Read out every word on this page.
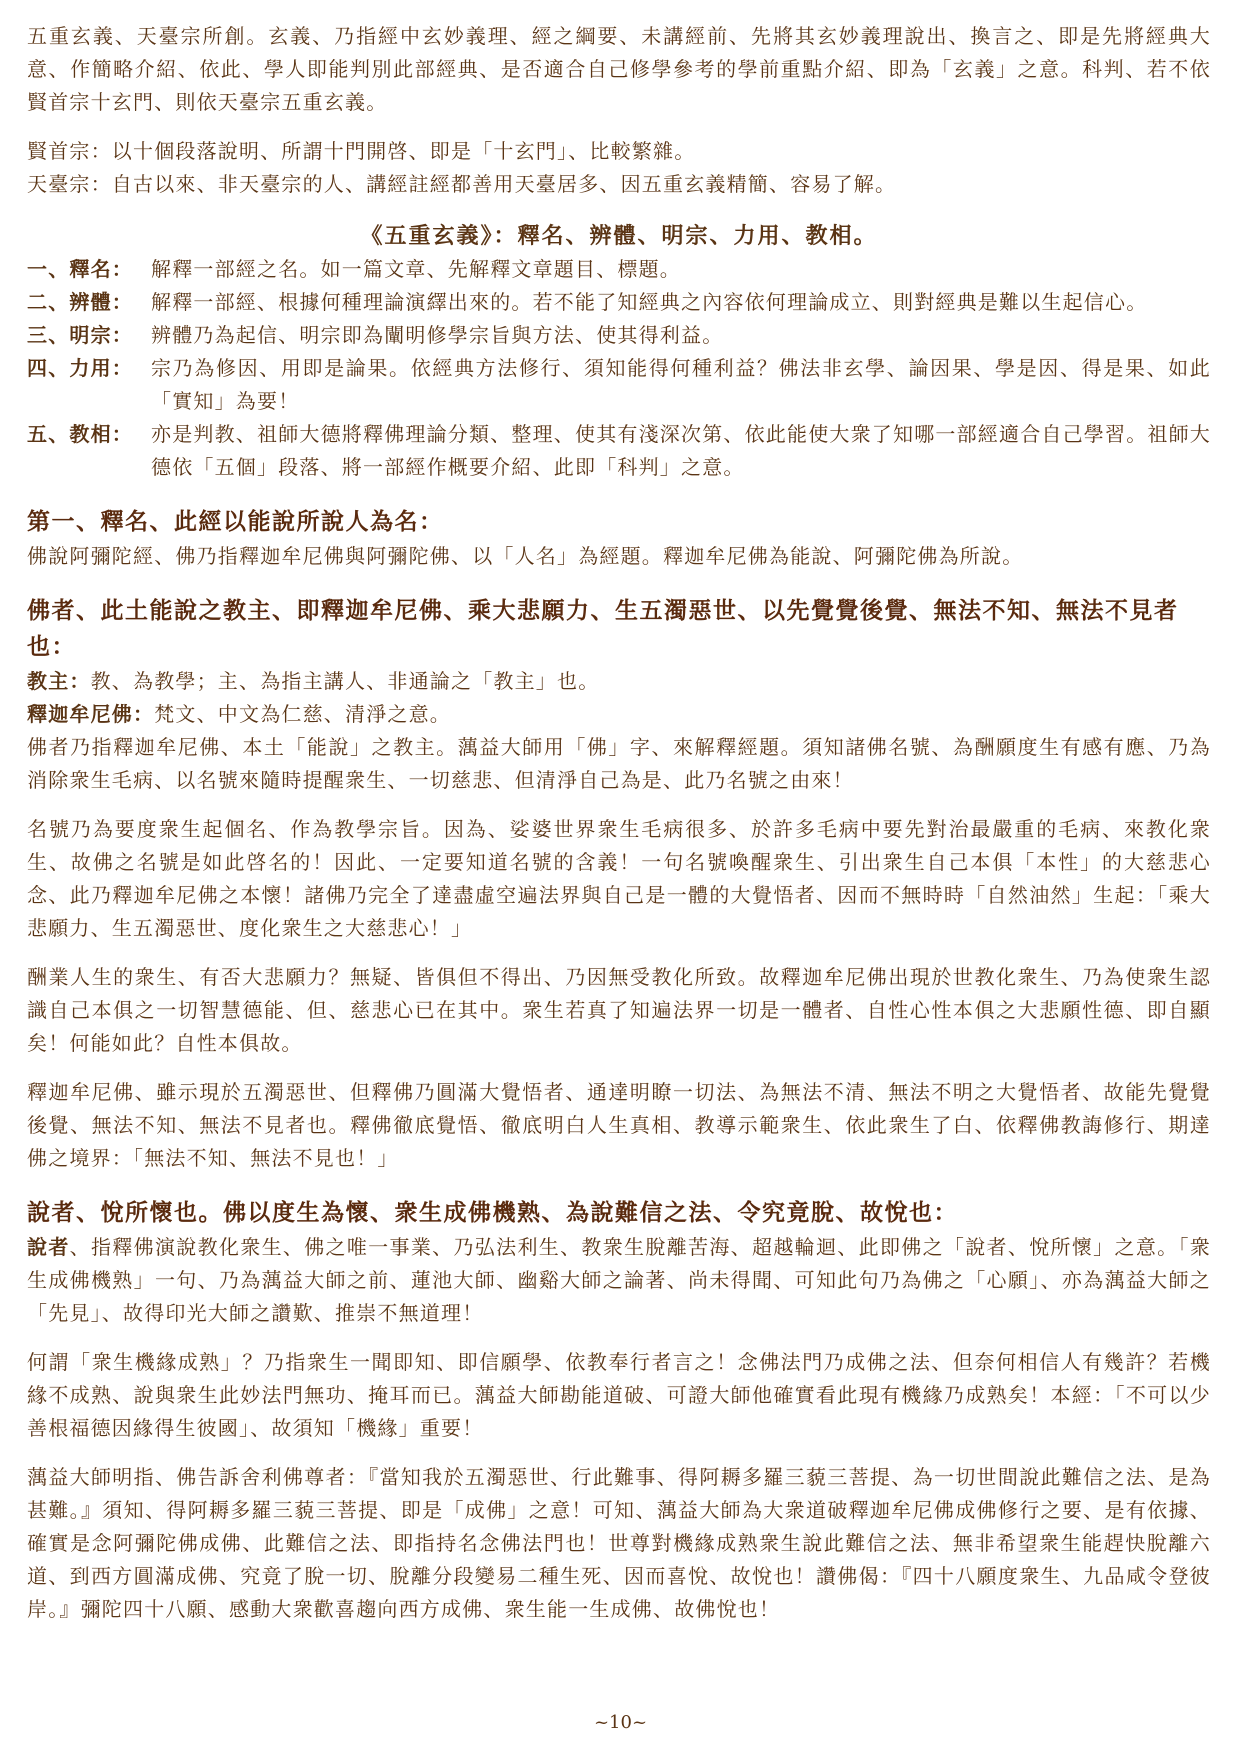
五重玄義、天臺宗所創。玄義、乃指經中玄妙義理、經之綱要、未講經前、先將其玄妙義理說出、換言之、即是先將經典大意、作簡略介紹、依此、學人即能判別此部經典、是否適合自己修學參考的學前重點介紹、即為「玄義」之意。科判、若不依賢首宗十玄門、則依天臺宗五重玄義。

賢首宗：以十個段落說明、所謂十門開啓、即是「十玄門」、比較繁雜。

天臺宗：自古以來、非天臺宗的人、講經註經都善用天臺居多、因五重玄義精簡、容易了解。

《五重玄義》：釋名、辨體、明宗、力用、教相。
一、釋名： 解釋一部經之名。如一篇文章、先解釋文章題目、標題。
二、辨體： 解釋一部經、根據何種理論演繹出來的。若不能了知經典之內容依何理論成立、則對經典是難以生起信心。
三、明宗： 辨體乃為起信、明宗即為闡明修學宗旨與方法、使其得利益。
四、力用： 宗乃為修因、用即是論果。依經典方法修行、須知能得何種利益？佛法非玄學、論因果、學是因、得是果、如此「實知」為要！
五、教相： 亦是判教、祖師大德將釋佛理論分類、整理、使其有淺深次第、依此能使大衆了知哪一部經適合自己學習。祖師大德依「五個」段落、將一部經作概要介紹、此即「科判」之意。

第一、釋名、此經以能說所說人為名：

佛說阿彌陀經、佛乃指釋迦牟尼佛與阿彌陀佛、以「人名」為經題。釋迦牟尼佛為能說、阿彌陀佛為所說。

佛者、此土能說之教主、即釋迦牟尼佛、乘大悲願力、生五濁惡世、以先覺覺後覺、無法不知、無法不見者也：

教主：教、為教學；主、為指主講人、非通論之「教主」也。

釋迦牟尼佛：梵文、中文為仁慈、清淨之意。

佛者乃指釋迦牟尼佛、本土「能說」之教主。蕅益大師用「佛」字、來解釋經題。須知諸佛名號、為酬願度生有感有應、乃為消除衆生毛病、以名號來隨時提醒衆生、一切慈悲、但清淨自己為是、此乃名號之由來！

名號乃為要度衆生起個名、作為教學宗旨。因為、娑婆世界衆生毛病很多、於許多毛病中要先對治最嚴重的毛病、來教化衆生、故佛之名號是如此啓名的！因此、一定要知道名號的含義！一句名號喚醒衆生、引出衆生自己本俱「本性」的大慈悲心念、此乃釋迦牟尼佛之本懷！諸佛乃完全了達盡虛空遍法界與自己是一體的大覺悟者、因而不無時時「自然油然」生起：「乘大悲願力、生五濁惡世、度化衆生之大慈悲心！」

酬業人生的衆生、有否大悲願力？無疑、皆俱但不得出、乃因無受教化所致。故釋迦牟尼佛出現於世教化衆生、乃為使衆生認識自己本俱之一切智慧德能、但、慈悲心已在其中。衆生若真了知遍法界一切是一體者、自性心性本俱之大悲願性德、即自顯矣！何能如此？自性本俱故。

釋迦牟尼佛、雖示現於五濁惡世、但釋佛乃圓滿大覺悟者、通達明瞭一切法、為無法不清、無法不明之大覺悟者、故能先覺覺後覺、無法不知、無法不見者也。釋佛徹底覺悟、徹底明白人生真相、教導示範衆生、依此衆生了白、依釋佛教誨修行、期達佛之境界：「無法不知、無法不見也！」

說者、悅所懷也。佛以度生為懷、衆生成佛機熟、為說難信之法、令究竟脫、故悅也：

說者、指釋佛演說教化衆生、佛之唯一事業、乃弘法利生、教衆生脫離苦海、超越輪迴、此即佛之「說者、悅所懷」之意。「衆生成佛機熟」一句、乃為蕅益大師之前、蓮池大師、幽谿大師之論著、尚未得聞、可知此句乃為佛之「心願」、亦為蕅益大師之「先見」、故得印光大師之讚歎、推崇不無道理！

何謂「衆生機緣成熟」？乃指衆生一聞即知、即信願學、依教奉行者言之！念佛法門乃成佛之法、但奈何相信人有幾許？若機緣不成熟、說與衆生此妙法門無功、掩耳而已。蕅益大師勘能道破、可證大師他確實看此現有機緣乃成熟矣！本經：「不可以少善根福德因緣得生彼國」、故須知「機緣」重要！

蕅益大師明指、佛告訴舍利佛尊者：『當知我於五濁惡世、行此難事、得阿耨多羅三藐三菩提、為一切世間說此難信之法、是為甚難。』須知、得阿耨多羅三藐三菩提、即是「成佛」之意！可知、蕅益大師為大衆道破釋迦牟尼佛成佛修行之要、是有依據、確實是念阿彌陀佛成佛、此難信之法、即指持名念佛法門也！世尊對機緣成熟衆生說此難信之法、無非希望衆生能趕快脫離六道、到西方圓滿成佛、究竟了脫一切、脫離分段變易二種生死、因而喜悅、故悅也！讚佛偈：『四十八願度衆生、九品咸令登彼岸。』彌陀四十八願、感動大衆歡喜趨向西方成佛、衆生能一生成佛、故佛悅也！

~10~
